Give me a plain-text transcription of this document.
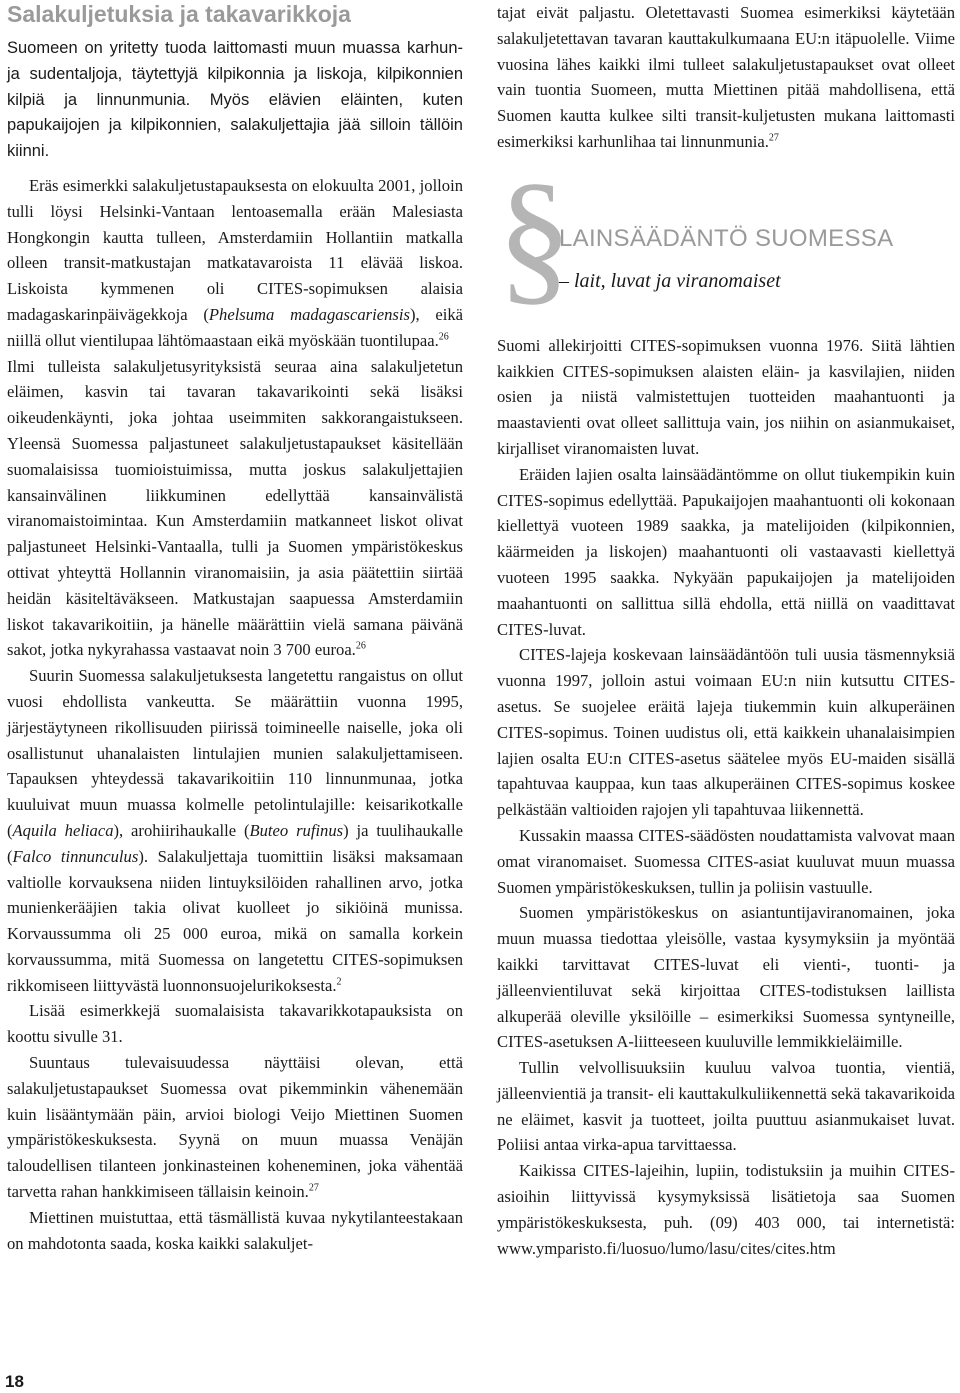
Salakuljetuksia ja takavarikkoja

Suomeen on yritetty tuoda laittomasti muun muassa karhun- ja sudentaljoja, täytettyjä kilpikonnia ja liskoja, kilpikonnien kilpiä ja linnunmunia. Myös elävien eläinten, kuten papukaijojen ja kilpikonnien, salakuljettajia jää silloin tällöin kiinni.

Eräs esimerkki salakuljetustapauksesta on elokuulta 2001, jolloin tulli löysi Helsinki-Vantaan lentoasemalla erään Malesiasta Hongkongin kautta tulleen, Amsterdamiin Hollantiin matkalla olleen transit-matkustajan matkatavaroista 11 elävää liskoa. Liskoista kymmenen oli CITES-sopimuksen alaisia madagaskarinpäivägekkoja (Phelsuma madagascariensis), eikä niillä ollut vientilupaa lähtömaastaan eikä myöskään tuontilupaa.$^{26}$

Ilmi tulleista salakuljetusyrityksistä seuraa aina salakuljetetun eläimen, kasvin tai tavaran takavarikointi sekä lisäksi oikeudenkäynti, joka johtaa useimmiten sakkorangaistukseen. Yleensä Suomessa paljastuneet salakuljetustapaukset käsitellään suomalaisissa tuomioistuimissa, mutta joskus salakuljettajien kansainvälinen liikkuminen edellyttää kansainvälistä viranomaistoimintaa. Kun Amsterdamiin matkanneet liskot olivat paljastuneet Helsinki-Vantaalla, tulli ja Suomen ympäristökeskus ottivat yhteyttä Hollannin viranomaisiin, ja asia päätettiin siirtää heidän käsiteltäväkseen. Matkustajan saapuessa Amsterdamiin liskot takavarikoitiin, ja hänelle määrättiin vielä samana päivänä sakot, jotka nykyrahassa vastaavat noin 3 700 euroa.$^{26}$

Suurin Suomessa salakuljetuksesta langetettu rangaistus on ollut vuosi ehdollista vankeutta. Se määrättiin vuonna 1995, järjestäytyneen rikollisuuden piirissä toimineelle naiselle, joka oli osallistunut uhanalaisten lintulajien munien salakuljettamiseen. Tapauksen yhteydessä takavarikoitiin 110 linnunmunaa, jotka kuuluivat muun muassa kolmelle petolintulajille: keisarikotkalle (Aquila heliaca), arohiirihaukalle (Buteo rufinus) ja tuulihaukalle (Falco tinnunculus). Salakuljettaja tuomittiin lisäksi maksamaan valtiolle korvauksena niiden lintuyksilöiden rahallinen arvo, jotka munienkerääjien takia olivat kuolleet jo sikiöinä munissa. Korvaussumma oli 25 000 euroa, mikä on samalla korkein korvaussumma, mitä Suomessa on langetettu CITES-sopimuksen rikkomiseen liittyvästä luonnonsuojelurikoksesta.$^2$

Lisää esimerkkejä suomalaisista takavarikkotapauksista on koottu sivulle 31.

Suuntaus tulevaisuudessa näyttäisi olevan, että salakuljetustapaukset Suomessa ovat pikemminkin vähenemään kuin lisääntymään päin, arvioi biologi Veijo Miettinen Suomen ympäristökeskuksesta. Syynä on muun muassa Venäjän taloudellisen tilanteen jonkinasteinen koheneminen, joka vähentää tarvetta rahan hankkimiseen tällaisin keinoin.$^{27}$

Miettinen muistuttaa, että täsmällistä kuvaa nykytilanteestakaan on mahdotonta saada, koska kaikki salakuljet-

tajat eivät paljastu. Oletettavasti Suomea esimerkiksi käytetään salakuljetettavan tavaran kauttakulkumaana EU:n itäpuolelle. Viime vuosina lähes kaikki ilmi tulleet salakuljetustapaukset ovat olleet vain tuontia Suomeen, mutta Miettinen pitää mahdollisena, että Suomen kautta kulkee silti transit-kuljetusten mukana laittomasti esimerkiksi karhunlihaa tai linnunmunia.$^{27}$

§
LAINSÄÄDÄNTÖ SUOMESSA
– lait, luvat ja viranomaiset

Suomi allekirjoitti CITES-sopimuksen vuonna 1976. Siitä lähtien kaikkien CITES-sopimuksen alaisten eläin- ja kasvilajien, niiden osien ja niistä valmistettujen tuotteiden maahantuonti ja maastavienti ovat olleet sallittuja vain, jos niihin on asianmukaiset, kirjalliset viranomaisten luvat.

Eräiden lajien osalta lainsäädäntömme on ollut tiukempikin kuin CITES-sopimus edellyttää. Papukaijojen maahantuonti oli kokonaan kiellettyä vuoteen 1989 saakka, ja matelijoiden (kilpikonnien, käärmeiden ja liskojen) maahantuonti oli vastaavasti kiellettyä vuoteen 1995 saakka. Nykyään papukaijojen ja matelijoiden maahantuonti on sallittua sillä ehdolla, että niillä on vaadittavat CITES-luvat.

CITES-lajeja koskevaan lainsäädäntöön tuli uusia täsmennyksiä vuonna 1997, jolloin astui voimaan EU:n niin kutsuttu CITES-asetus. Se suojelee eräitä lajeja tiukemmin kuin alkuperäinen CITES-sopimus. Toinen uudistus oli, että kaikkein uhanalaisimpien lajien osalta EU:n CITES-asetus säätelee myös EU-maiden sisällä tapahtuvaa kauppaa, kun taas alkuperäinen CITES-sopimus koskee pelkästään valtioiden rajojen yli tapahtuvaa liikennettä.

Kussakin maassa CITES-säädösten noudattamista valvovat maan omat viranomaiset. Suomessa CITES-asiat kuuluvat muun muassa Suomen ympäristökeskuksen, tullin ja poliisin vastuulle.

Suomen ympäristökeskus on asiantuntijaviranomainen, joka muun muassa tiedottaa yleisölle, vastaa kysymyksiin ja myöntää kaikki tarvittavat CITES-luvat eli vienti-, tuonti- ja jälleenvientiluvat sekä kirjoittaa CITES-todistuksen laillista alkuperää oleville yksilöille – esimerkiksi Suomessa syntyneille, CITES-asetuksen A-liitteeseen kuuluville lemmikkieläimille.

Tullin velvollisuuksiin kuuluu valvoa tuontia, vientiä, jälleenvientiä ja transit- eli kauttakulkuliikennettä sekä takavarikoida ne eläimet, kasvit ja tuotteet, joilta puuttuu asianmukaiset luvat. Poliisi antaa virka-apua tarvittaessa.

Kaikissa CITES-lajeihin, lupiin, todistuksiin ja muihin CITES-asioihin liittyvissä kysymyksissä lisätietoja saa Suomen ympäristökeskuksesta, puh. (09) 403 000, tai internetistä: www.ymparisto.fi/luosuo/lumo/lasu/cites/cites.htm

18
